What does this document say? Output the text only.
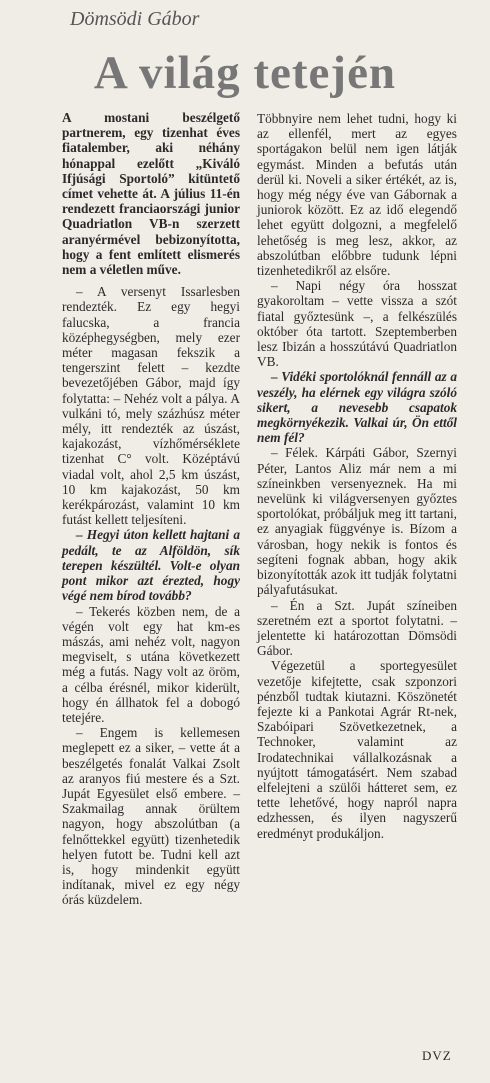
Dömsödi Gábor
A világ tetején

A mostani beszélgető partnerem, egy tizenhat éves fiatalember, aki néhány hónappal ezelőtt „Kiváló Ifjúsági Sportoló” kitüntető címet vehette át. A július 11-én rendezett franciaországi junior Quadriatlon VB-n szerzett aranyérmével bebizonyította, hogy a fent említett elismerés nem a véletlen műve.

– A versenyt Issarlesben rendezték. Ez egy hegyi falucska, a francia középhegységben, mely ezer méter magasan fekszik a tengerszint felett – kezdte bevezetőjében Gábor, majd így folytatta: – Nehéz volt a pálya. A vulkáni tó, mely százhúsz méter mély, itt rendezték az úszást, kajakozást, vízhőmérséklete tizenhat C° volt. Középtávú viadal volt, ahol 2,5 km úszást, 10 km kajakozást, 50 km kerékpározást, valamint 10 km futást kellett teljesíteni.

– Hegyi úton kellett hajtani a pedált, te az Alföldön, sík terepen készültél. Volt-e olyan pont mikor azt érezted, hogy végé nem bírod tovább?

– Tekerés közben nem, de a végén volt egy hat km-es mászás, ami nehéz volt, nagyon megviselt, s utána következett még a futás. Nagy volt az öröm, a célba érésnél, mikor kiderült, hogy én állhatok fel a dobogó tetejére.

– Engem is kellemesen meglepett ez a siker, – vette át a beszélgetés fonalát Valkai Zsolt az aranyos fiú mestere és a Szt. Jupát Egyesület első embere. – Szakmailag annak örültem nagyon, hogy abszolútban (a felnőttekkel együtt) tizenhetedik helyen futott be. Tudni kell azt is, hogy mindenkit együtt indítanak, mivel ez egy négy órás küzdelem.

Többnyire nem lehet tudni, hogy ki az ellenfél, mert az egyes sportágakon belül nem igen látják egymást. Minden a befutás után derül ki. Noveli a siker értékét, az is, hogy még négy éve van Gábornak a juniorok között. Ez az idő elegendő lehet együtt dolgozni, a megfelelő lehetőség is meg lesz, akkor, az abszolútban előbbre tudunk lépni tizenhetedikről az elsőre.

– Napi négy óra hosszat gyakoroltam – vette vissza a szót fiatal győztesünk –, a felkészülés október óta tartott. Szeptemberben lesz Ibizán a hosszútávú Quadriatlon VB.

– Vidéki sportolóknál fennáll az a veszély, ha elérnek egy világra szóló sikert, a nevesebb csapatok megkörnyékezik. Valkai úr, Ön ettől nem fél?

– Félek. Kárpáti Gábor, Szernyi Péter, Lantos Aliz már nem a mi színeinkben versenyeznek. Ha mi nevelünk ki világversenyen győztes sportolókat, próbáljuk meg itt tartani, ez anyagiak függvénye is. Bízom a városban, hogy nekik is fontos és segíteni fognak abban, hogy akik bizonyították azok itt tudják folytatni pályafutásukat.

– Én a Szt. Jupát színeiben szeretném ezt a sportot folytatni. – jelentette ki határozottan Dömsödi Gábor.

Végezetül a sportegyesület vezetője kifejtette, csak szponzori pénzből tudtak kiutazni. Köszönetét fejezte ki a Pankotai Agrár Rt-nek, Szabóipari Szövetkezetnek, a Technoker, valamint az Irodatechnikai vállalkozásnak a nyújtott támogatásért. Nem szabad elfelejteni a szülői hátteret sem, ez tette lehetővé, hogy napról napra edzhessen, és ilyen nagyszerű eredményt produkáljon.

DVZ
